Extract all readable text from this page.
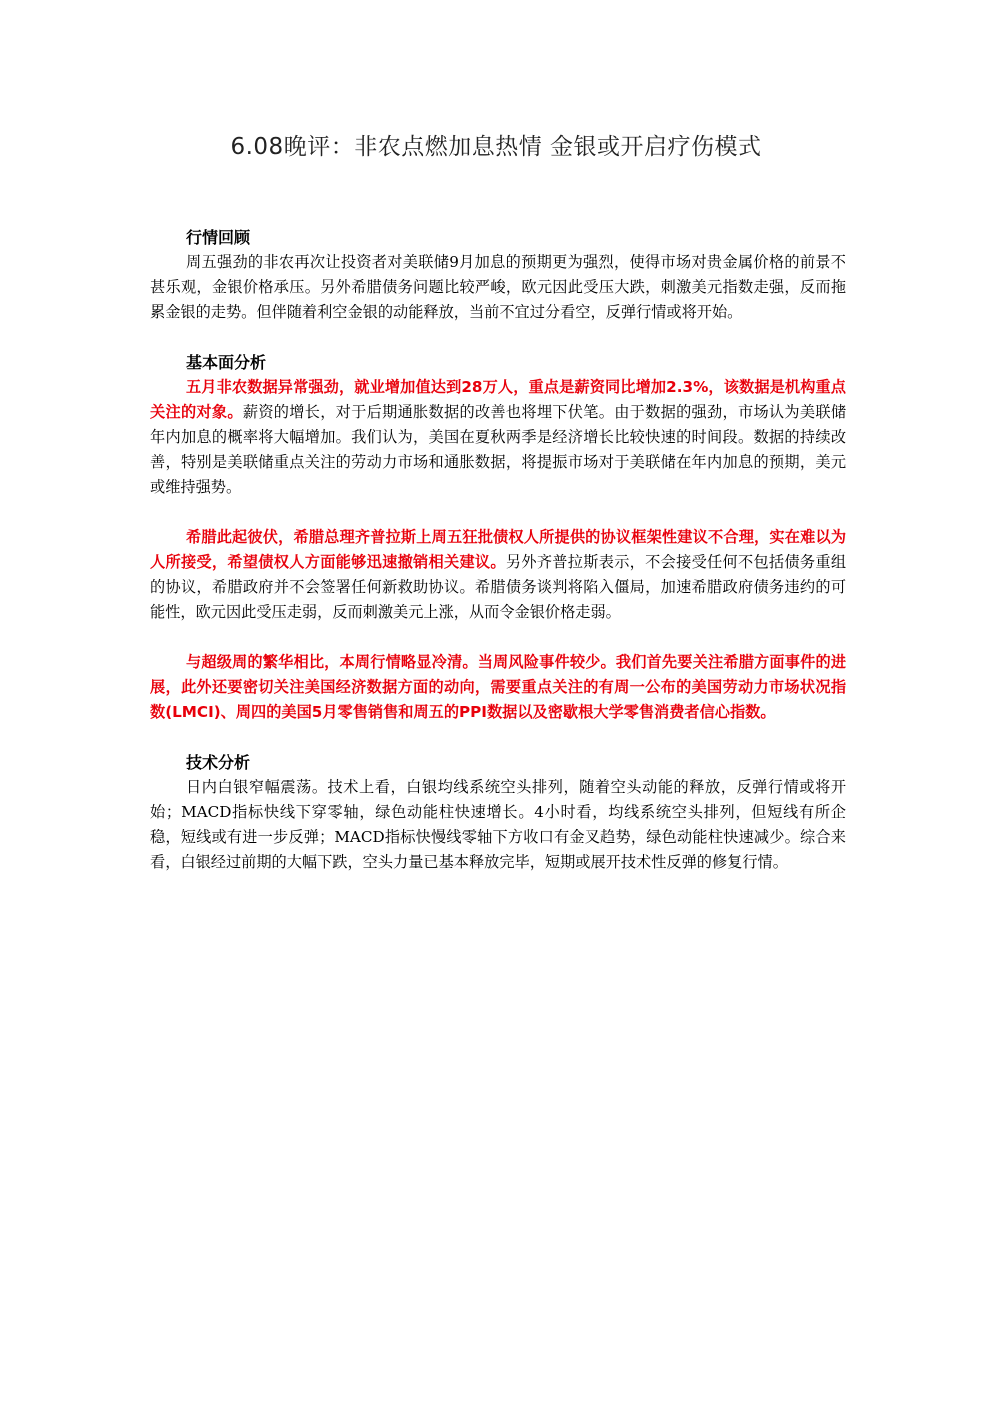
6.08晚评：非农点燃加息热情 金银或开启疗伤模式
行情回顾

周五强劲的非农再次让投资者对美联储9月加息的预期更为强烈，使得市场对贵金属价格的前景不甚乐观，金银价格承压。另外希腊债务问题比较严峻，欧元因此受压大跌，刺激美元指数走强，反而拖累金银的走势。但伴随着利空金银的动能释放，当前不宜过分看空，反弹行情或将开始。

基本面分析

五月非农数据异常强劲，就业增加值达到28万人，重点是薪资同比增加2.3%，该数据是机构重点关注的对象。薪资的增长，对于后期通胀数据的改善也将埋下伏笔。由于数据的强劲，市场认为美联储年内加息的概率将大幅增加。我们认为，美国在夏秋两季是经济增长比较快速的时间段。数据的持续改善，特别是美联储重点关注的劳动力市场和通胀数据，将提振市场对于美联储在年内加息的预期，美元或维持强势。

希腊此起彼伏，希腊总理齐普拉斯上周五狂批债权人所提供的协议框架性建议不合理，实在难以为人所接受，希望债权人方面能够迅速撤销相关建议。另外齐普拉斯表示，不会接受任何不包括债务重组的协议，希腊政府并不会签署任何新救助协议。希腊债务谈判将陷入僵局，加速希腊政府债务违约的可能性，欧元因此受压走弱，反而刺激美元上涨，从而令金银价格走弱。

与超级周的繁华相比，本周行情略显冷清。当周风险事件较少。我们首先要关注希腊方面事件的进展，此外还要密切关注美国经济数据方面的动向，需要重点关注的有周一公布的美国劳动力市场状况指数(LMCI)、周四的美国5月零售销售和周五的PPI数据以及密歇根大学零售消费者信心指数。

技术分析

日内白银窄幅震荡。技术上看，白银均线系统空头排列，随着空头动能的释放，反弹行情或将开始；MACD指标快线下穿零轴，绿色动能柱快速增长。4小时看，均线系统空头排列，但短线有所企稳，短线或有进一步反弹；MACD指标快慢线零轴下方收口有金叉趋势，绿色动能柱快速减少。综合来看，白银经过前期的大幅下跌，空头力量已基本释放完毕，短期或展开技术性反弹的修复行情。
